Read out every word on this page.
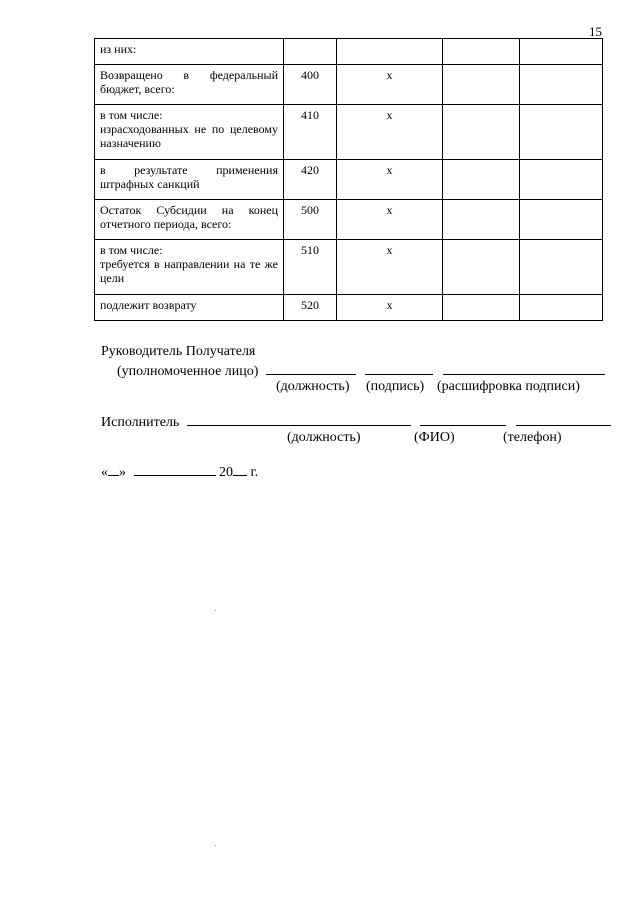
15
из них:				

Возвращено в федеральный бюджет, всего:	400	x		

в том числе:
израсходованных не по целевому назначению	410	x		

в результате применения штрафных санкций	420	x		

Остаток Субсидии на конец отчетного периода, всего:	500	x		

в том числе:
требуется в направлении на те же цели	510	x		

подлежит возврату	520	x		
Руководитель Получателя
(уполномоченное лицо)
(должность) (подпись) (расшифровка подписи)
Исполнитель
(должность)	(ФИО)	(телефон)
« »	20 г.
